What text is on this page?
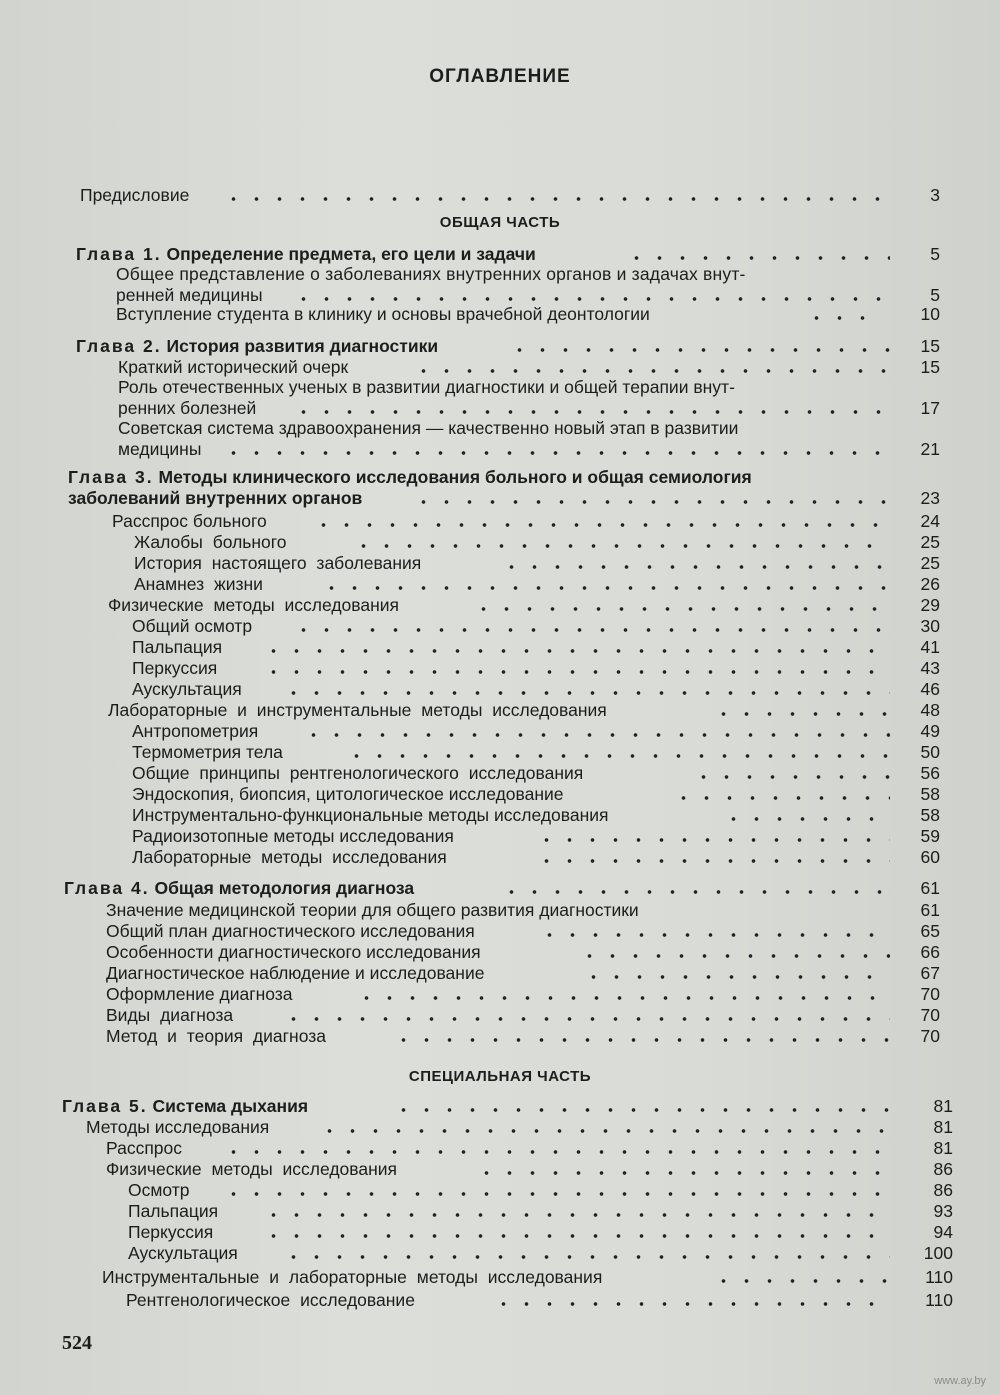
ОГЛАВЛЕНИЕ
Предисловие	3
ОБЩАЯ ЧАСТЬ
Глава 1. Определение предмета, его цели и задачи	5
Общее представление о заболеваниях внутренних органов и задачах внут-
ренней медицины	5
Вступление студента в клинику и основы врачебной деонтологии	10
Глава 2. История развития диагностики	15
Краткий исторический очерк	15
Роль отечественных ученых в развитии диагностики и общей терапии внут-
ренних болезней	17
Советская система здравоохранения — качественно новый этап в развитии
медицины	21
Глава 3. Методы клинического исследования больного и общая семиология
заболеваний внутренних органов	23
Расспрос больного	24
Жалобы больного	25
История настоящего заболевания	25
Анамнез жизни	26
Физические методы исследования	29
Общий осмотр	30
Пальпация	41
Перкуссия	43
Аускультация	46
Лабораторные и инструментальные методы исследования	48
Антропометрия	49
Термометрия тела	50
Общие принципы рентгенологического исследования	56
Эндоскопия, биопсия, цитологическое исследование	58
Инструментально-функциональные методы исследования	58
Радиоизотопные методы исследования	59
Лабораторные методы исследования	60
Глава 4. Общая методология диагноза	61
Значение медицинской теории для общего развития диагностики	61
Общий план диагностического исследования	65
Особенности диагностического исследования	66
Диагностическое наблюдение и исследование	67
Оформление диагноза	70
Виды диагноза	70
Метод и теория диагноза	70
СПЕЦИАЛЬНАЯ ЧАСТЬ
Глава 5. Система дыхания	81
Методы исследования	81
Расспрос	81
Физические методы исследования	86
Осмотр	86
Пальпация	93
Перкуссия	94
Аускультация	100
Инструментальные и лабораторные методы исследования	110
Рентгенологическое исследование	110
524
www.ay.by
